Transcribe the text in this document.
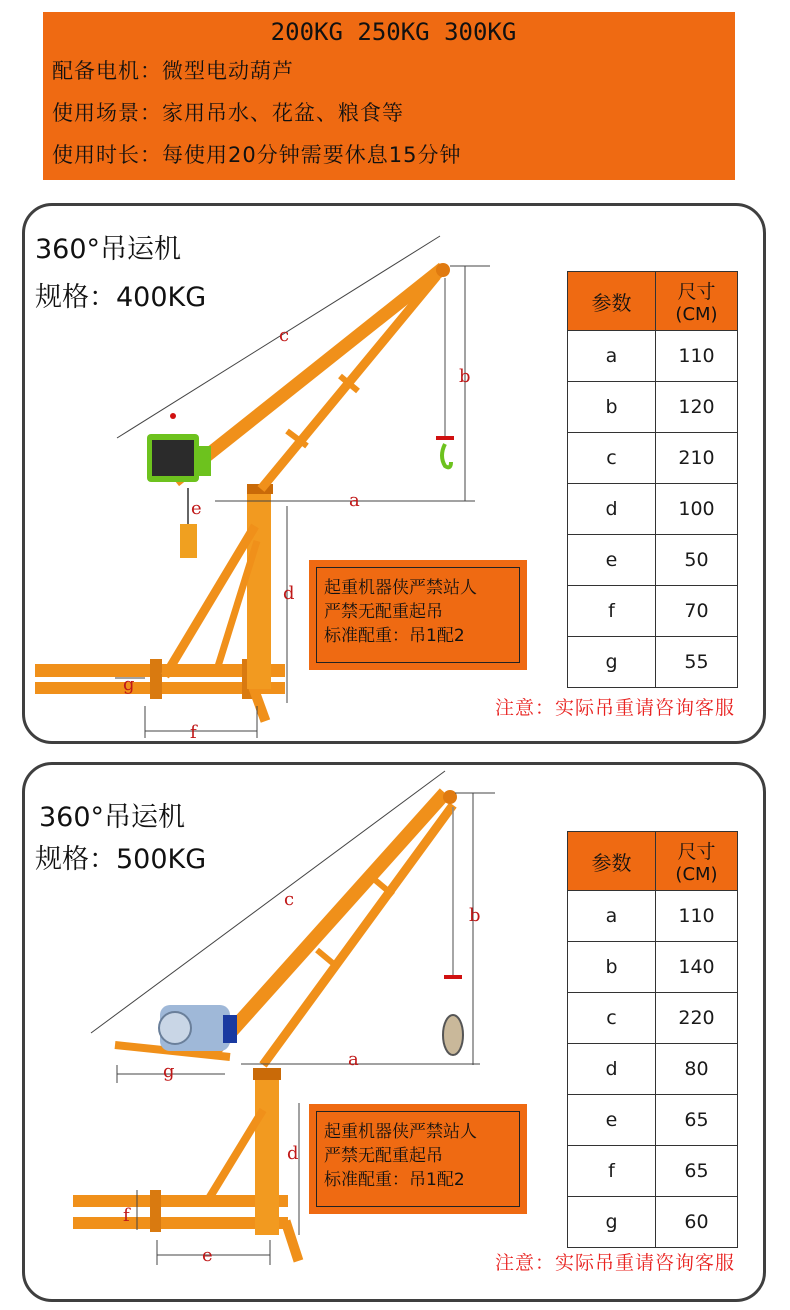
200KG 250KG 300KG
配备电机：微型电动葫芦
使用场景：家用吊水、花盆、粮食等
使用时长：每使用20分钟需要休息15分钟
360°吊运机
规格：400KG
c
b
a
e
d
g
f
起重机器侠严禁站人
严禁无配重起吊
标准配重：吊1配2
参数	尺寸
(CM)

a	110
b	120
c	210
d	100
e	50
f	70
g	55
注意：实际吊重请咨询客服
360°吊运机
规格：500KG
c
b
a
g
d
f
e
起重机器侠严禁站人
严禁无配重起吊
标准配重：吊1配2
参数	尺寸
(CM)

a	110
b	140
c	220
d	80
e	65
f	65
g	60
注意：实际吊重请咨询客服
